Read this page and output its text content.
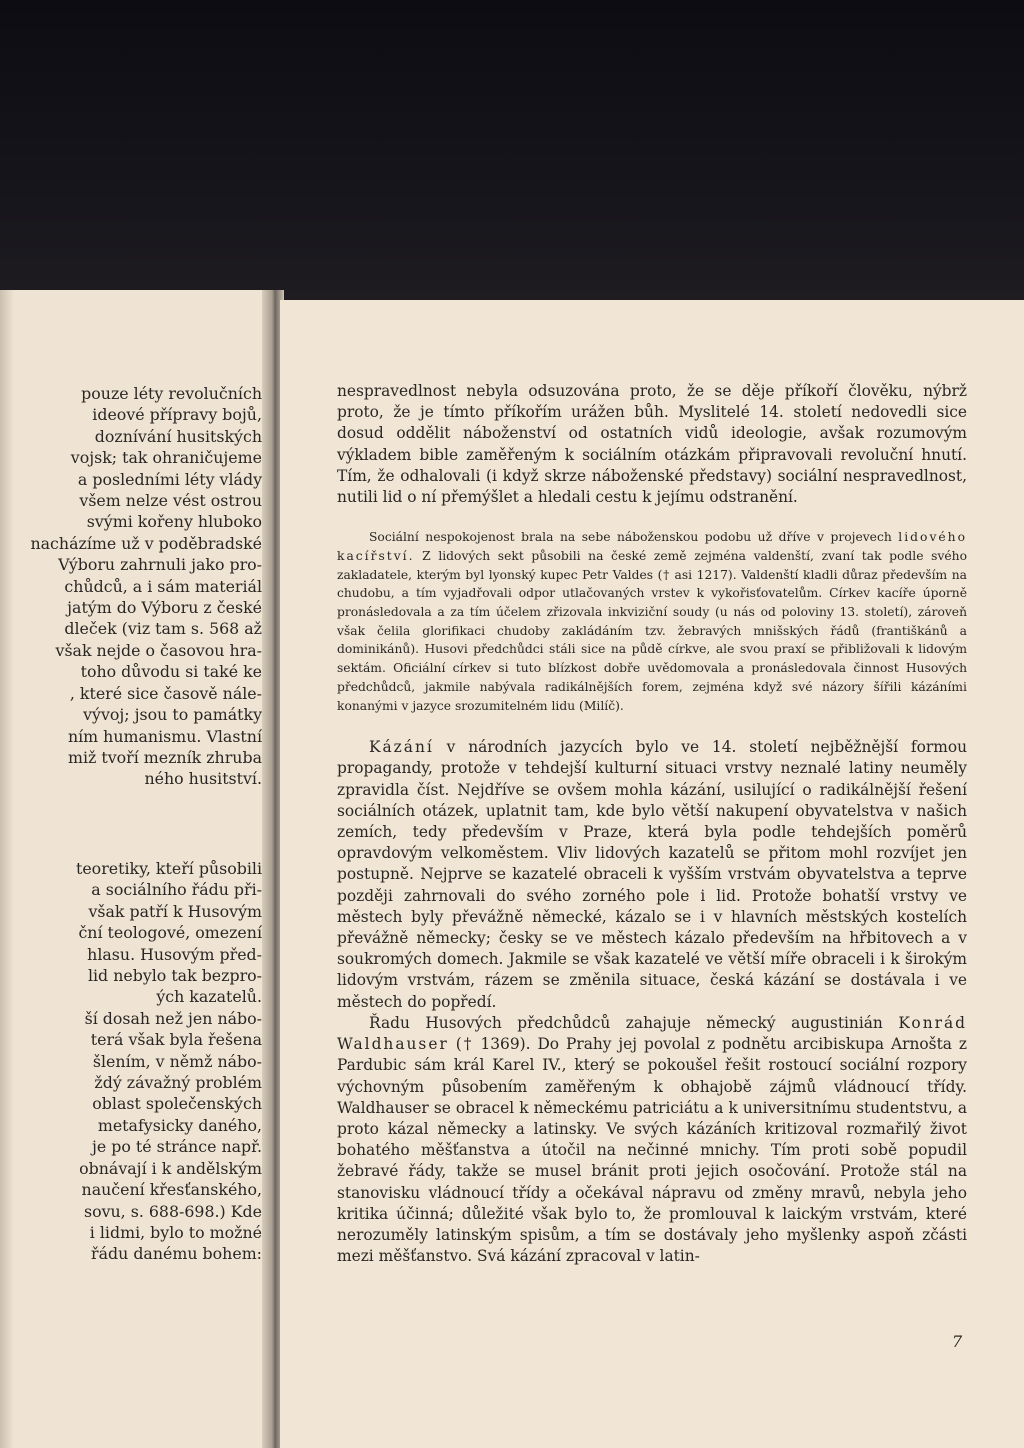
pouze léty revolučních
ideové přípravy bojů,
doznívání husitských
vojsk; tak ohraničujeme
a posledními léty vlády
všem nelze vést ostrou
svými kořeny hluboko
nacházíme už v poděbradské
Výboru zahrnuli jako pro-
chůdců, a i sám materiál
jatým do Výboru z české
dleček (viz tam s. 568 až
však nejde o časovou hra-
toho důvodu si také ke
, které sice časově nále-
vývoj; jsou to památky
ním humanismu. Vlastní
miž tvoří mezník zhruba
ného husitství.
teoretiky, kteří působili
a sociálního řádu při-
však patří k Husovým
ční teologové, omezení
hlasu. Husovým před-
lid nebylo tak bezpro-
ých kazatelů.
ší dosah než jen nábo-
terá však byla řešena
šlením, v němž nábo-
ždý závažný problém
oblast společenských
metafysicky daného,
je po té stránce např.
obnávají i k andělským
naučení křesťanského,
sovu, s. 688-698.) Kde
i lidmi, bylo to možné
řádu danému bohem:

nespravedlnost nebyla odsuzována proto, že se děje příkoří člověku, nýbrž proto, že je tímto příkořím urážen bůh. Myslitelé 14. století nedovedli sice dosud oddělit náboženství od ostatních vidů ideologie, avšak rozumovým výkladem bible zaměřeným k sociálním otázkám připravovali revoluční hnutí. Tím, že odhalovali (i když skrze náboženské představy) sociální nespravedlnost, nutili lid o ní přemýšlet a hledali cestu k jejímu odstranění.

Sociální nespokojenost brala na sebe náboženskou podobu už dříve v projevech lidového kacířství. Z lidových sekt působili na české země zejména valdenští, zvaní tak podle svého zakladatele, kterým byl lyonský kupec Petr Valdes († asi 1217). Valdenští kladli důraz především na chudobu, a tím vyjadřovali odpor utlačovaných vrstev k vykořisťovatelům. Církev kacíře úporně pronásledovala a za tím účelem zřizovala inkviziční soudy (u nás od poloviny 13. století), zároveň však čelila glorifikaci chudoby zakládáním tzv. žebravých mnišských řádů (františkánů a dominikánů). Husovi předchůdci stáli sice na půdě církve, ale svou praxí se přibližovali k lidovým sektám. Oficiální církev si tuto blízkost dobře uvědomovala a pronásledovala činnost Husových předchůdců, jakmile nabývala radikálnějších forem, zejména když své názory šířili kázáními konanými v jazyce srozumitelném lidu (Milíč).

Kázání v národních jazycích bylo ve 14. století nejběžnější formou propagandy, protože v tehdejší kulturní situaci vrstvy neznalé latiny neuměly zpravidla číst. Nejdříve se ovšem mohla kázání, usilující o radikálnější řešení sociálních otázek, uplatnit tam, kde bylo větší nakupení obyvatelstva v našich zemích, tedy především v Praze, která byla podle tehdejších poměrů opravdovým velkoměstem. Vliv lidových kazatelů se přitom mohl rozvíjet jen postupně. Nejprve se kazatelé obraceli k vyšším vrstvám obyvatelstva a teprve později zahrnovali do svého zorného pole i lid. Protože bohatší vrstvy ve městech byly převážně německé, kázalo se i v hlavních městských kostelích převážně německy; česky se ve městech kázalo především na hřbitovech a v soukromých domech. Jakmile se však kazatelé ve větší míře obraceli i k širokým lidovým vrstvám, rázem se změnila situace, česká kázání se dostávala i ve městech do popředí.

Řadu Husových předchůdců zahajuje německý augustinián Konrád Waldhauser († 1369). Do Prahy jej povolal z podnětu arcibiskupa Arnošta z Pardubic sám král Karel IV., který se pokoušel řešit rostoucí sociální rozpory výchovným působením zaměřeným k obhajobě zájmů vládnoucí třídy. Waldhauser se obracel k německému patriciátu a k universitnímu studentstvu, a proto kázal německy a latinsky. Ve svých kázáních kritizoval rozmařilý život bohatého měšťanstva a útočil na nečinné mnichy. Tím proti sobě popudil žebravé řády, takže se musel bránit proti jejich osočování. Protože stál na stanovisku vládnoucí třídy a očekával nápravu od změny mravů, nebyla jeho kritika účinná; důležité však bylo to, že promlouval k laickým vrstvám, které nerozuměly latinským spisům, a tím se dostávaly jeho myšlenky aspoň zčásti mezi měšťanstvo. Svá kázání zpracoval v latin-

7
